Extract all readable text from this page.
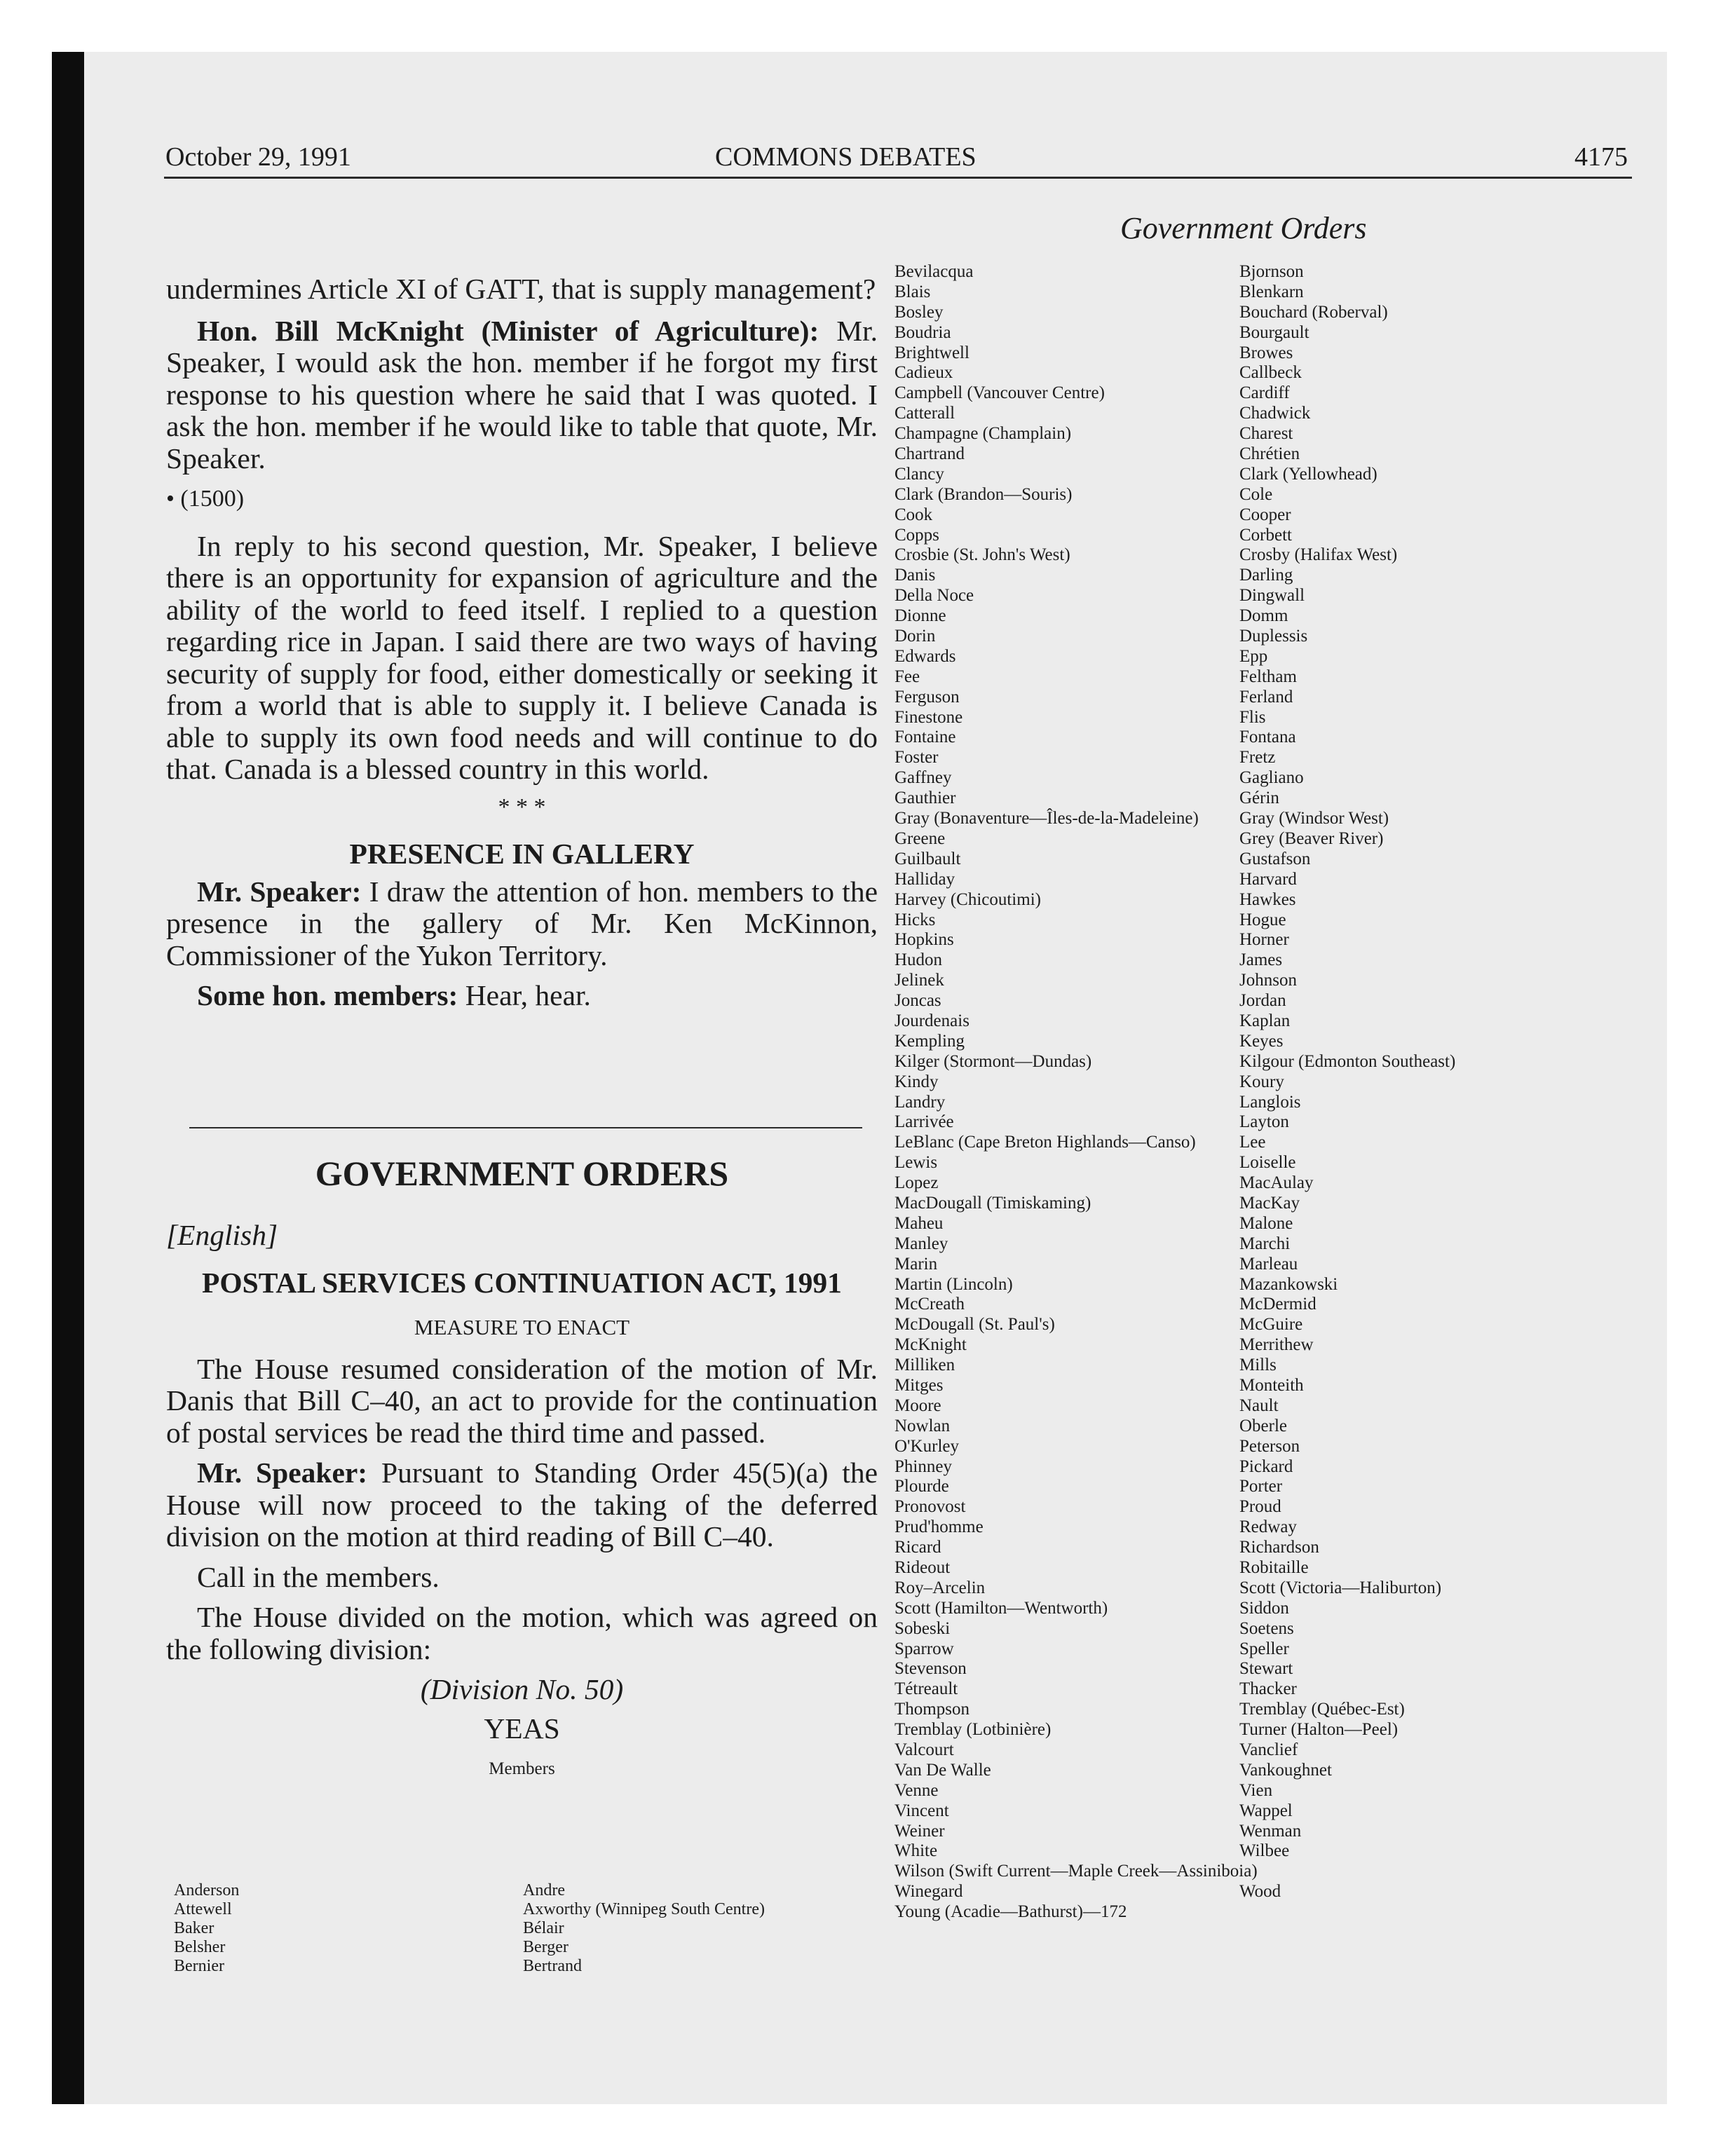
October 29, 1991	COMMONS DEBATES	4175
Government Orders

undermines Article XI of GATT, that is supply management?

Hon. Bill McKnight (Minister of Agriculture): Mr. Speaker, I would ask the hon. member if he forgot my first response to his question where he said that I was quoted. I ask the hon. member if he would like to table that quote, Mr. Speaker.

• (1500)

In reply to his second question, Mr. Speaker, I believe there is an opportunity for expansion of agriculture and the ability of the world to feed itself. I replied to a question regarding rice in Japan. I said there are two ways of having security of supply for food, either domestically or seeking it from a world that is able to supply it. I believe Canada is able to supply its own food needs and will continue to do that. Canada is a blessed country in this world.

* * *

PRESENCE IN GALLERY

Mr. Speaker: I draw the attention of hon. members to the presence in the gallery of Mr. Ken McKinnon, Commissioner of the Yukon Territory.

Some hon. members: Hear, hear.

GOVERNMENT ORDERS

[English]

POSTAL SERVICES CONTINUATION ACT, 1991

MEASURE TO ENACT

The House resumed consideration of the motion of Mr. Danis that Bill C–40, an act to provide for the continuation of postal services be read the third time and passed.

Mr. Speaker: Pursuant to Standing Order 45(5)(a) the House will now proceed to the taking of the deferred division on the motion at third reading of Bill C–40.

Call in the members.

The House divided on the motion, which was agreed on the following division:

(Division No. 50)

YEAS

Members

Anderson
Attewell
Baker
Belsher
Bernier
Andre
Axworthy (Winnipeg South Centre)
Bélair
Berger
Bertrand
Bevilacqua
Blais
Bosley
Boudria
Brightwell
Cadieux
Campbell (Vancouver Centre)
Catterall
Champagne (Champlain)
Chartrand
Clancy
Clark (Brandon—Souris)
Cook
Copps
Crosbie (St. John's West)
Danis
Della Noce
Dionne
Dorin
Edwards
Fee
Ferguson
Finestone
Fontaine
Foster
Gaffney
Gauthier
Gray (Bonaventure—Îles-de-la-Madeleine)
Greene
Guilbault
Halliday
Harvey (Chicoutimi)
Hicks
Hopkins
Hudon
Jelinek
Joncas
Jourdenais
Kempling
Kilger (Stormont—Dundas)
Kindy
Landry
Larrivée
LeBlanc (Cape Breton Highlands—Canso)
Lewis
Lopez
MacDougall (Timiskaming)
Maheu
Manley
Marin
Martin (Lincoln)
McCreath
McDougall (St. Paul's)
McKnight
Milliken
Mitges
Moore
Nowlan
O'Kurley
Phinney
Plourde
Pronovost
Prud'homme
Ricard
Rideout
Roy–Arcelin
Scott (Hamilton—Wentworth)
Sobeski
Sparrow
Stevenson
Tétreault
Thompson
Tremblay (Lotbinière)
Valcourt
Van De Walle
Venne
Vincent
Weiner
White
Wilson (Swift Current—Maple Creek—Assiniboia)
Winegard
Young (Acadie—Bathurst)—172
Bjornson
Blenkarn
Bouchard (Roberval)
Bourgault
Browes
Callbeck
Cardiff
Chadwick
Charest
Chrétien
Clark (Yellowhead)
Cole
Cooper
Corbett
Crosby (Halifax West)
Darling
Dingwall
Domm
Duplessis
Epp
Feltham
Ferland
Flis
Fontana
Fretz
Gagliano
Gérin
Gray (Windsor West)
Grey (Beaver River)
Gustafson
Harvard
Hawkes
Hogue
Horner
James
Johnson
Jordan
Kaplan
Keyes
Kilgour (Edmonton Southeast)
Koury
Langlois
Layton
Lee
Loiselle
MacAulay
MacKay
Malone
Marchi
Marleau
Mazankowski
McDermid
McGuire
Merrithew
Mills
Monteith
Nault
Oberle
Peterson
Pickard
Porter
Proud
Redway
Richardson
Robitaille
Scott (Victoria—Haliburton)
Siddon
Soetens
Speller
Stewart
Thacker
Tremblay (Québec-Est)
Turner (Halton—Peel)
Vanclief
Vankoughnet
Vien
Wappel
Wenman
Wilbee
Wood
